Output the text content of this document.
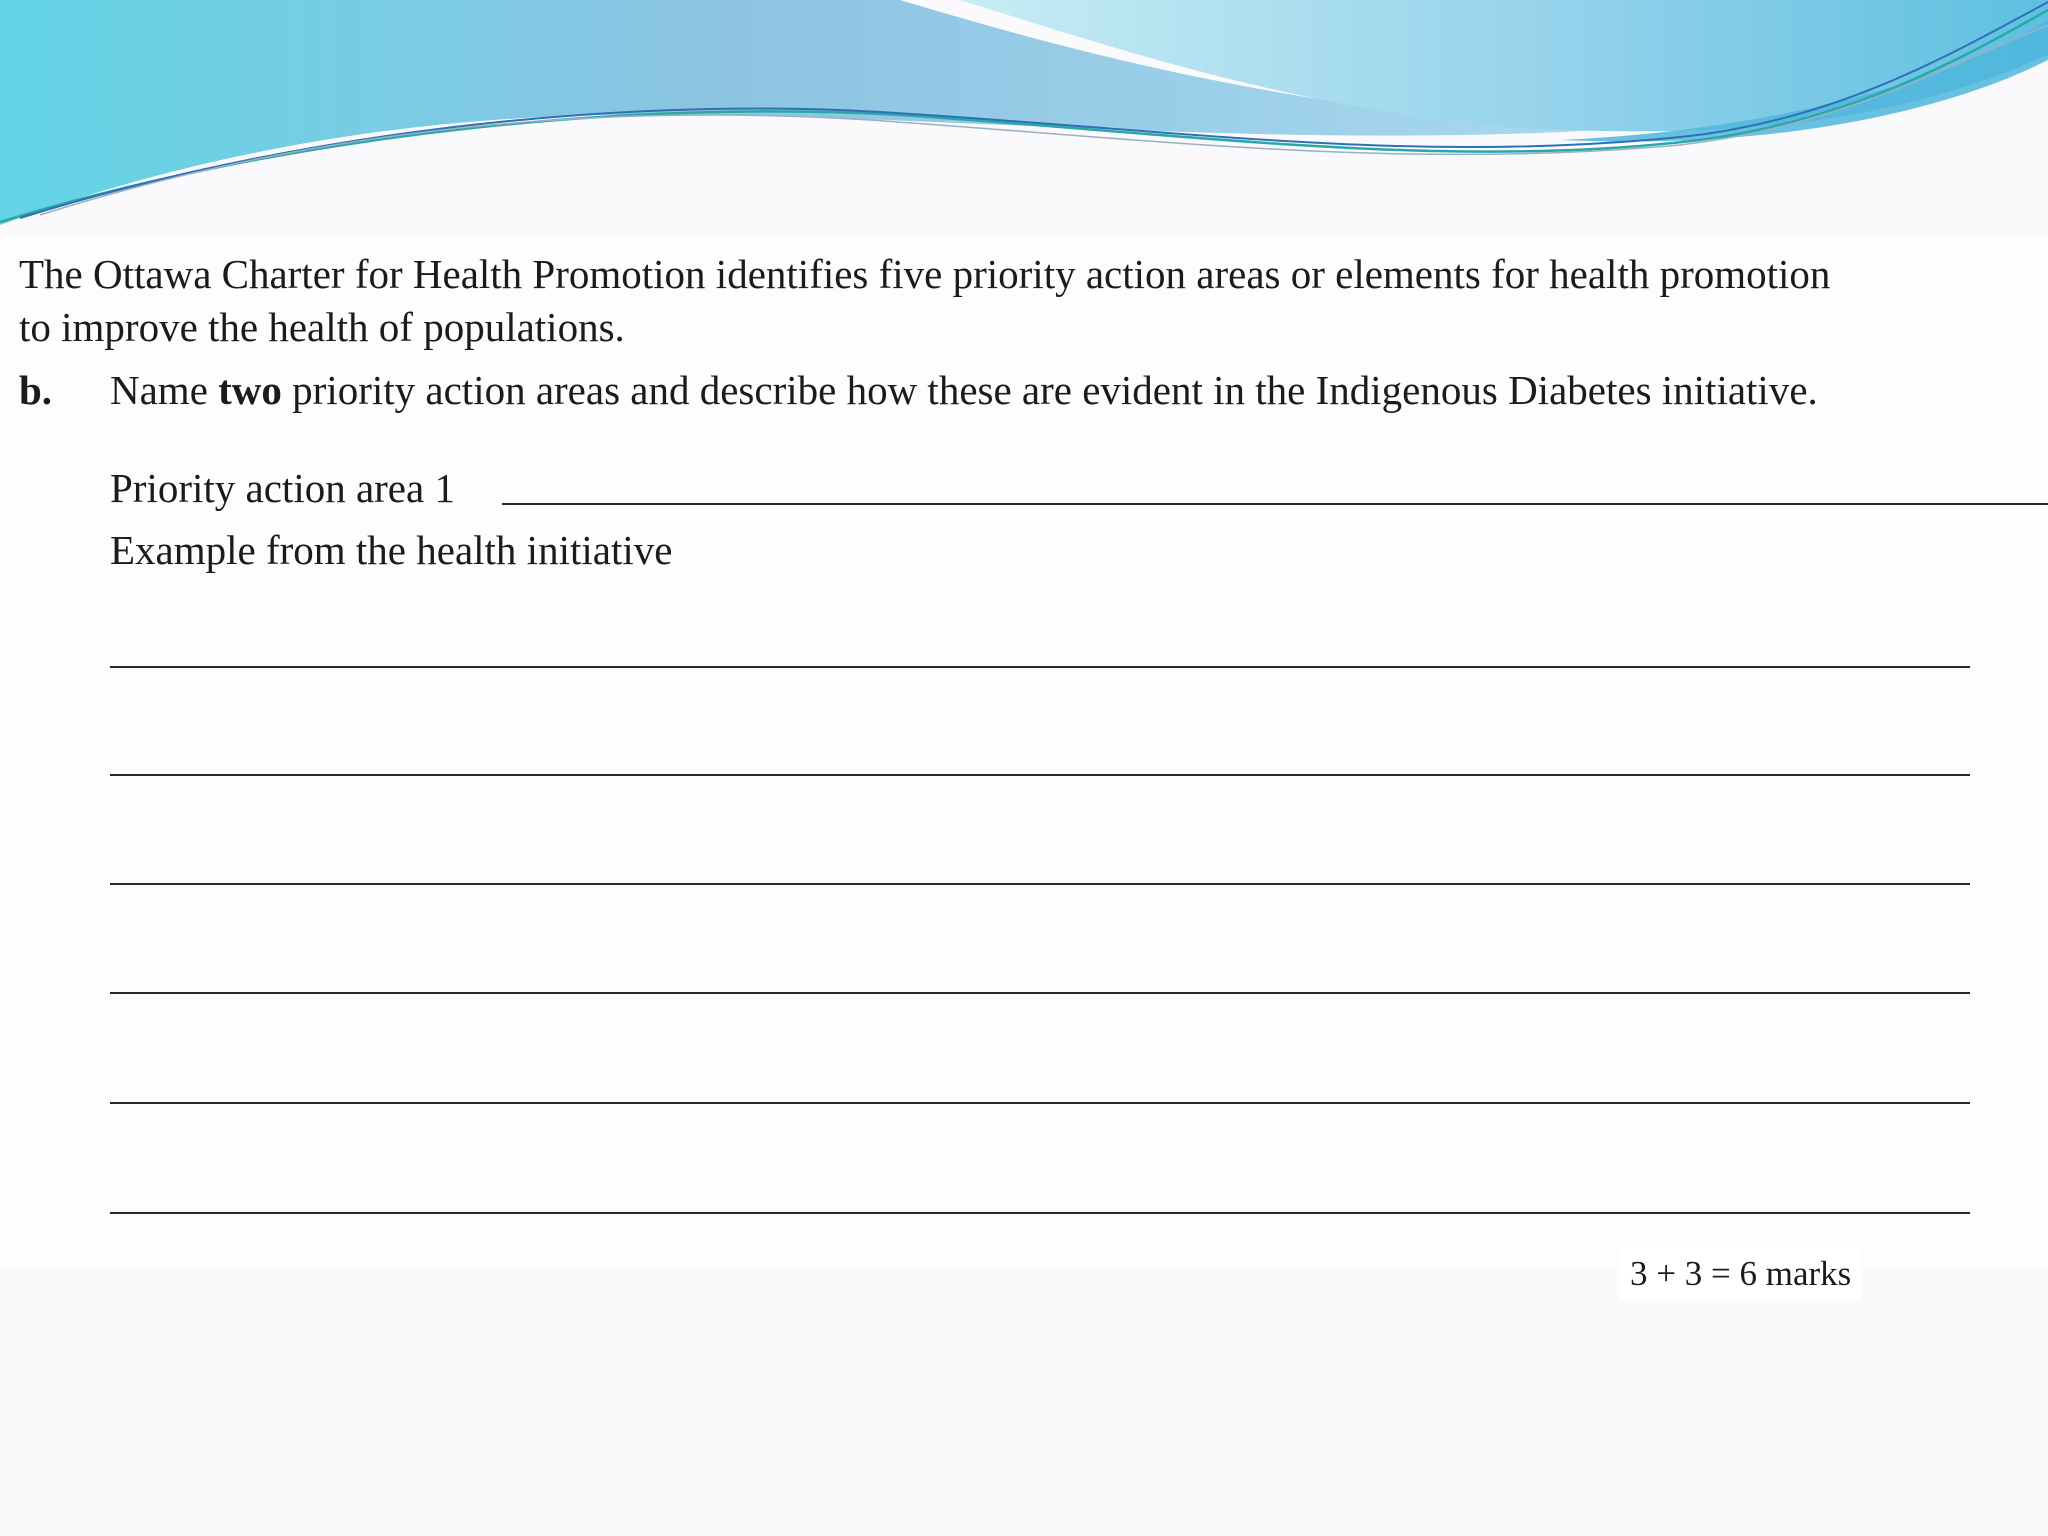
The Ottawa Charter for Health Promotion identifies five priority action areas or elements for health promotion
to improve the health of populations.

b. Name two priority action areas and describe how these are evident in the Indigenous Diabetes initiative.
Priority action area 1
Example from the health initiative
3 + 3 = 6 marks
